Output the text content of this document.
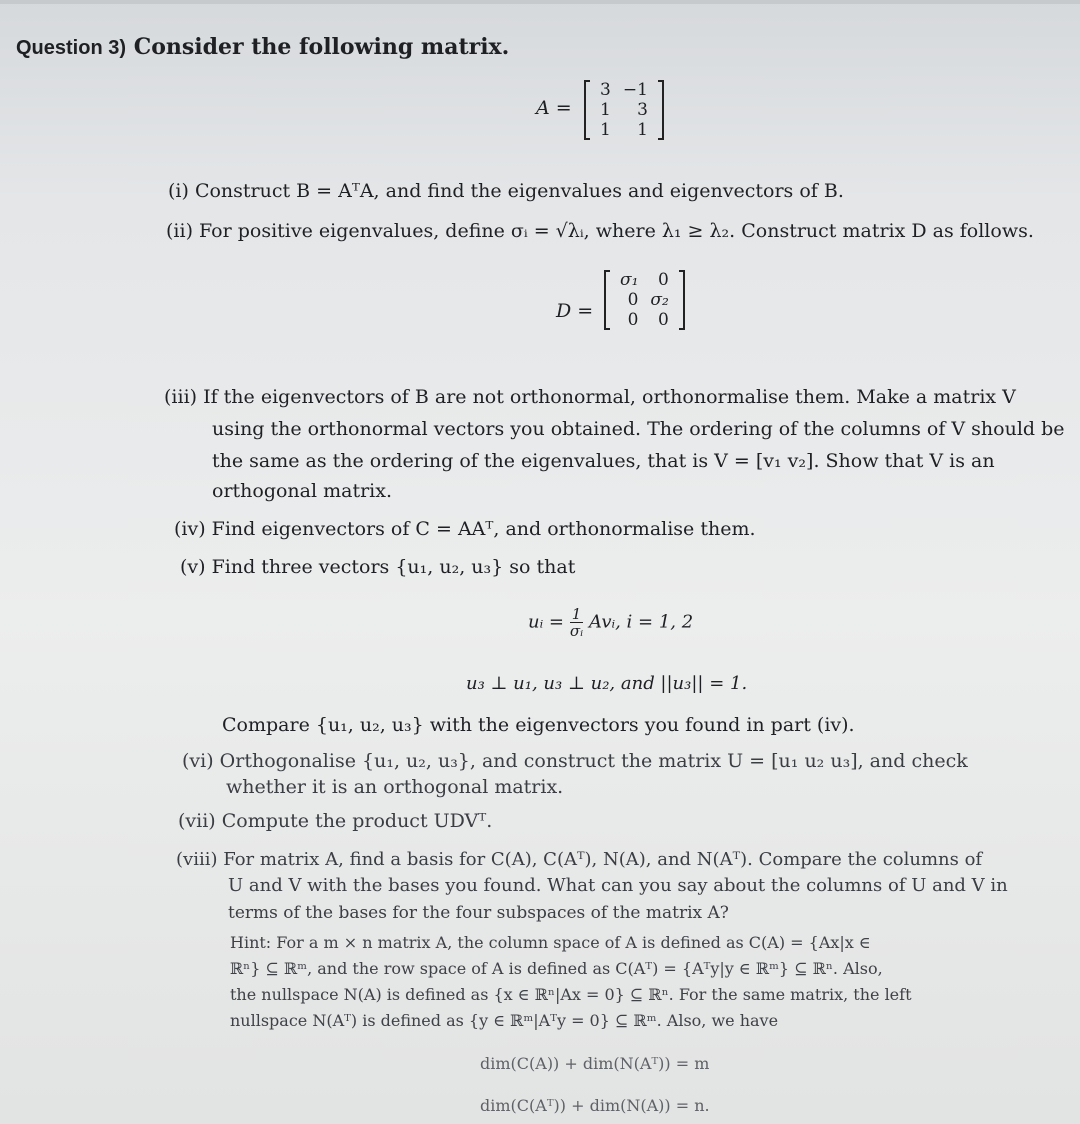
Question 3) Consider the following matrix.
A =
3	−1
1	3
1	1
(i) Construct B = AᵀA, and find the eigenvalues and eigenvectors of B.
(ii) For positive eigenvalues, define σᵢ = √λᵢ, where λ₁ ≥ λ₂. Construct matrix D as follows.
D =
σ₁	0
0	σ₂
0	0
(iii) If the eigenvectors of B are not orthonormal, orthonormalise them. Make a matrix V
using the orthonormal vectors you obtained. The ordering of the columns of V should be
the same as the ordering of the eigenvalues, that is V = [v₁ v₂]. Show that V is an
orthogonal matrix.
(iv) Find eigenvectors of C = AAᵀ, and orthonormalise them.
(v) Find three vectors {u₁, u₂, u₃} so that
uᵢ = $\frac{1}{\text{σᵢ}}$ Avᵢ, i = 1, 2
u₃ ⊥ u₁, u₃ ⊥ u₂, and ||u₃|| = 1.
Compare {u₁, u₂, u₃} with the eigenvectors you found in part (iv).
(vi) Orthogonalise {u₁, u₂, u₃}, and construct the matrix U = [u₁ u₂ u₃], and check
whether it is an orthogonal matrix.
(vii) Compute the product UDVᵀ.
(viii) For matrix A, find a basis for C(A), C(Aᵀ), N(A), and N(Aᵀ). Compare the columns of
U and V with the bases you found. What can you say about the columns of U and V in
terms of the bases for the four subspaces of the matrix A?
Hint: For a m × n matrix A, the column space of A is defined as C(A) = {Ax|x ∈
ℝⁿ} ⊆ ℝᵐ, and the row space of A is defined as C(Aᵀ) = {Aᵀy|y ∈ ℝᵐ} ⊆ ℝⁿ. Also,
the nullspace N(A) is defined as {x ∈ ℝⁿ|Ax = 0} ⊆ ℝⁿ. For the same matrix, the left
nullspace N(Aᵀ) is defined as {y ∈ ℝᵐ|Aᵀy = 0} ⊆ ℝᵐ. Also, we have
dim(C(A)) + dim(N(Aᵀ)) = m
dim(C(Aᵀ)) + dim(N(A)) = n.
